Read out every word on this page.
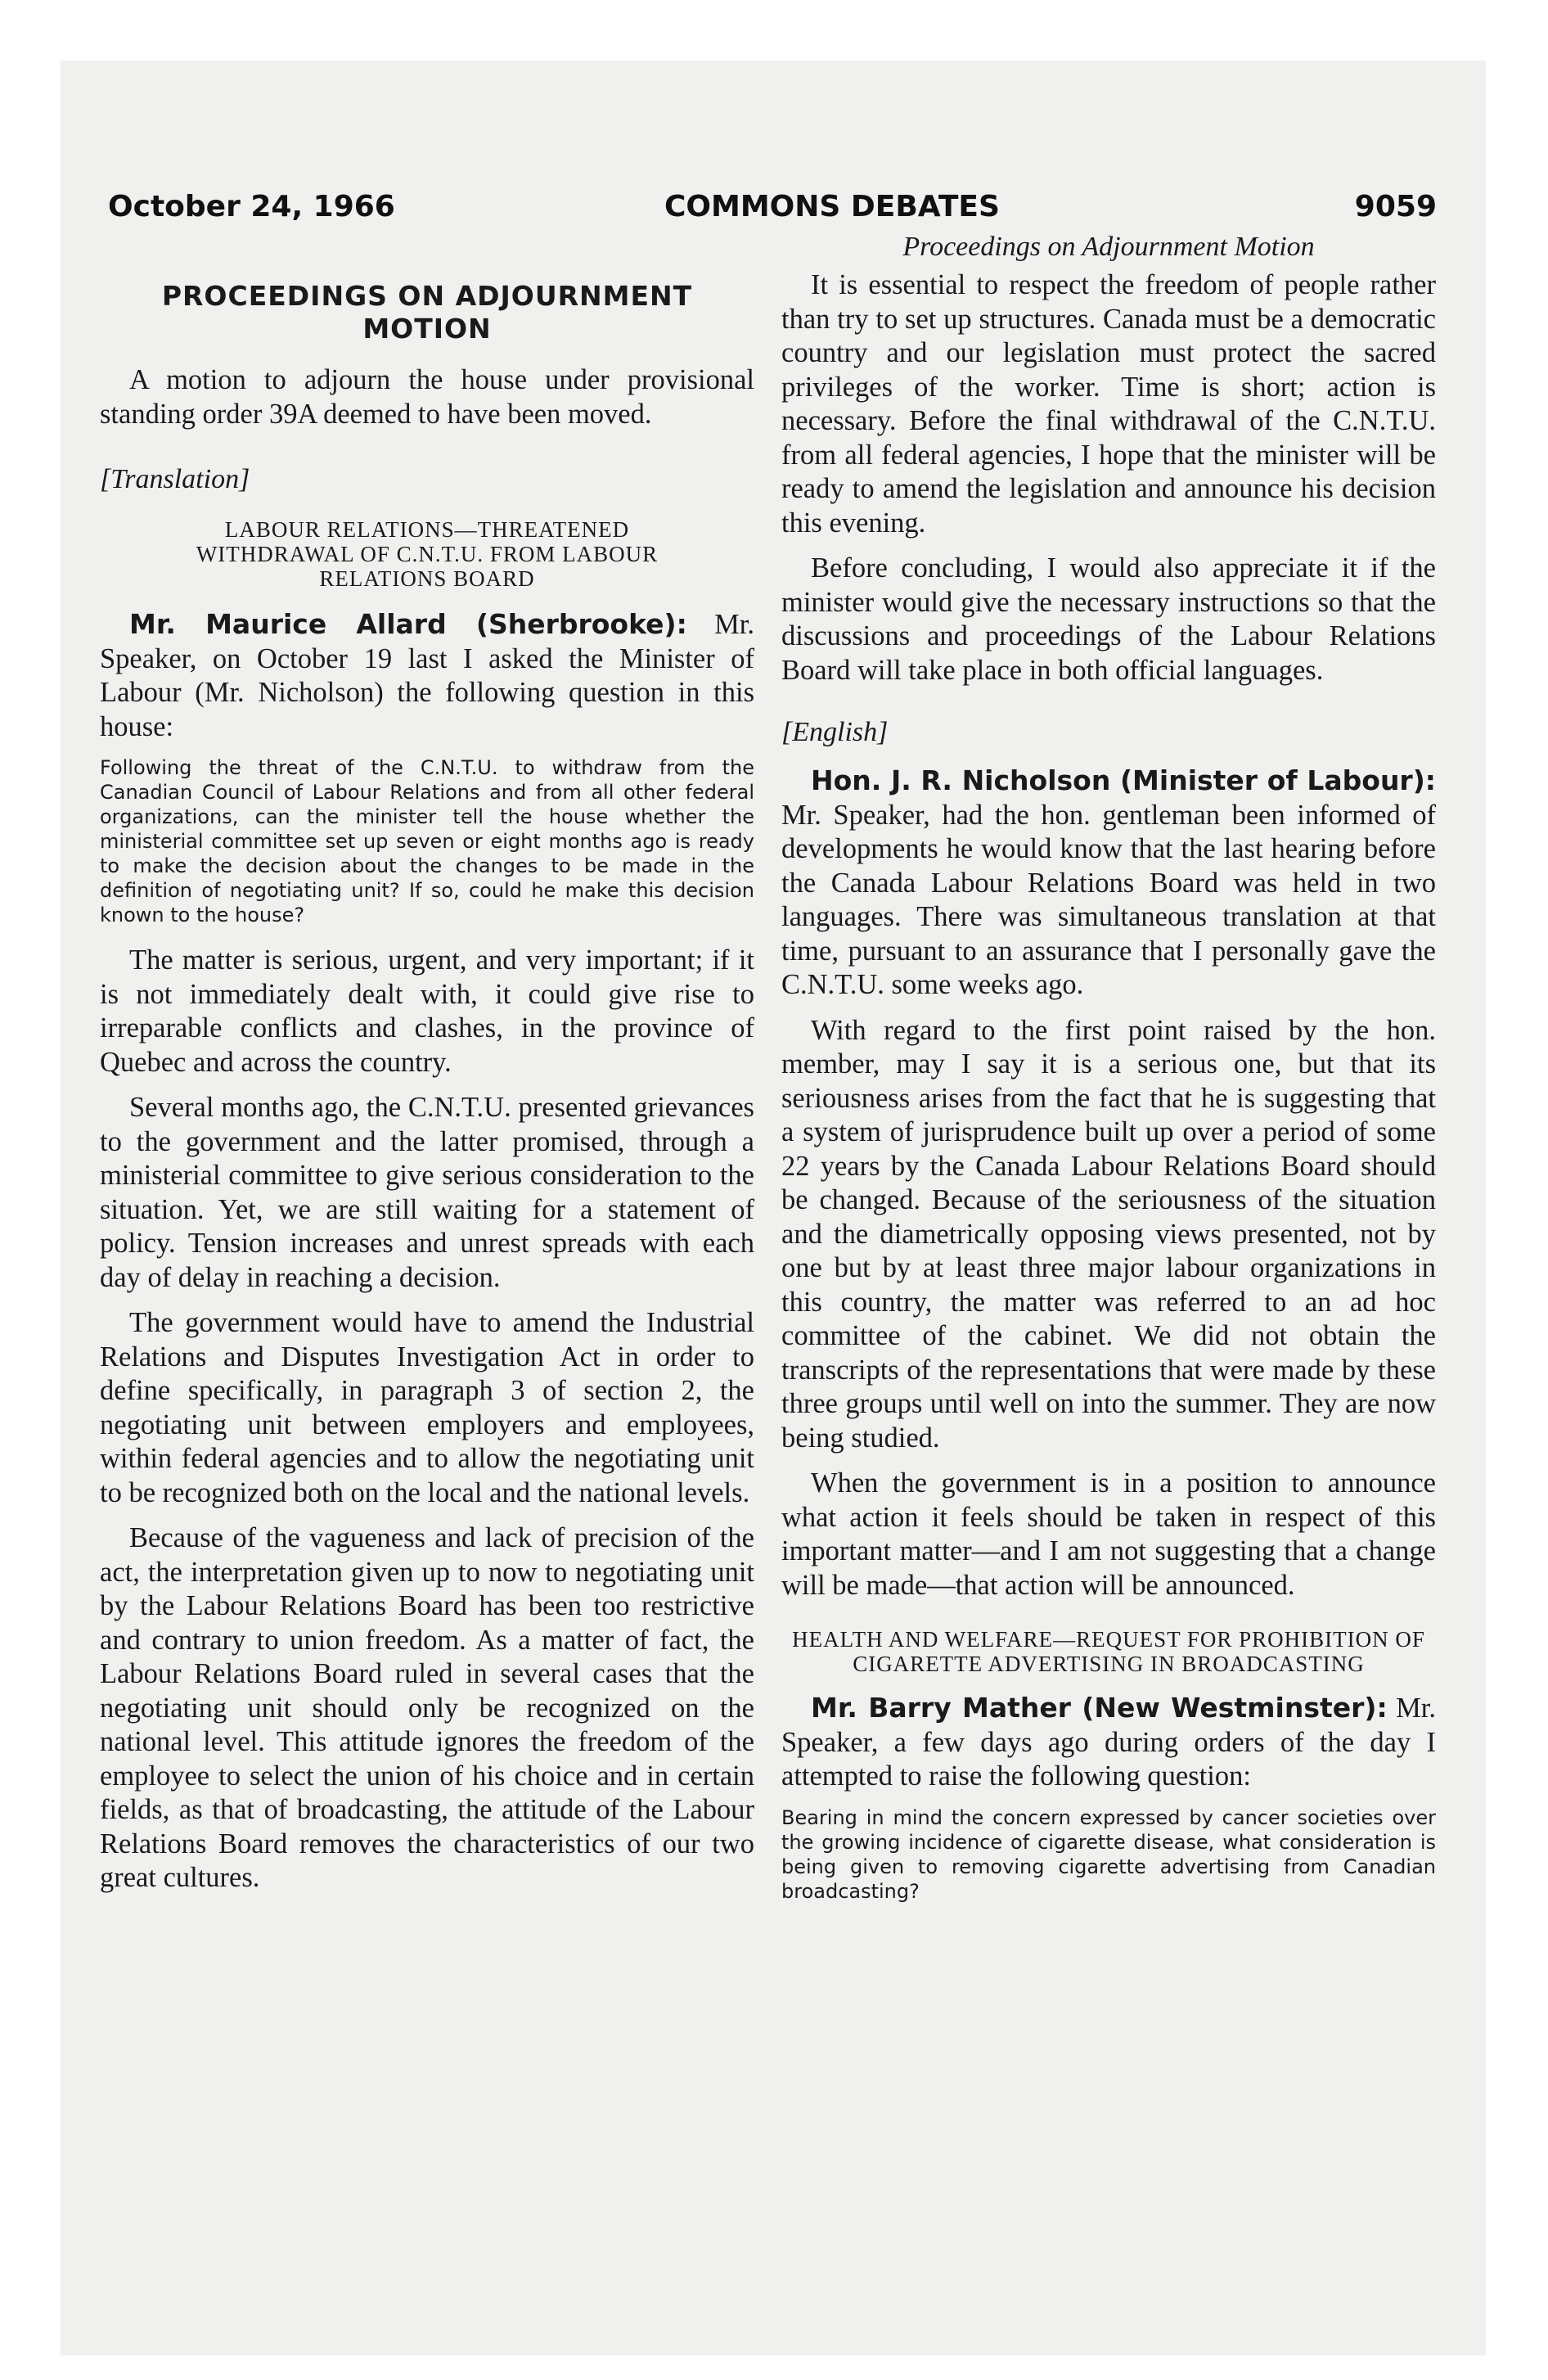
October 24, 1966	COMMONS DEBATES	9059
PROCEEDINGS ON ADJOURNMENT MOTION

A motion to adjourn the house under provisional standing order 39A deemed to have been moved.

[Translation]

LABOUR RELATIONS—THREATENED WITHDRAWAL OF C.N.T.U. FROM LABOUR RELATIONS BOARD

Mr. Maurice Allard (Sherbrooke): Mr. Speaker, on October 19 last I asked the Minister of Labour (Mr. Nicholson) the following question in this house:

Following the threat of the C.N.T.U. to withdraw from the Canadian Council of Labour Relations and from all other federal organizations, can the minister tell the house whether the ministerial committee set up seven or eight months ago is ready to make the decision about the changes to be made in the definition of negotiating unit? If so, could he make this decision known to the house?

The matter is serious, urgent, and very important; if it is not immediately dealt with, it could give rise to irreparable conflicts and clashes, in the province of Quebec and across the country.

Several months ago, the C.N.T.U. presented grievances to the government and the latter promised, through a ministerial committee to give serious consideration to the situation. Yet, we are still waiting for a statement of policy. Tension increases and unrest spreads with each day of delay in reaching a decision.

The government would have to amend the Industrial Relations and Disputes Investigation Act in order to define specifically, in paragraph 3 of section 2, the negotiating unit between employers and employees, within federal agencies and to allow the negotiating unit to be recognized both on the local and the national levels.

Because of the vagueness and lack of precision of the act, the interpretation given up to now to negotiating unit by the Labour Relations Board has been too restrictive and contrary to union freedom. As a matter of fact, the Labour Relations Board ruled in several cases that the negotiating unit should only be recognized on the national level. This attitude ignores the freedom of the employee to select the union of his choice and in certain fields, as that of broadcasting, the attitude of the Labour Relations Board removes the characteristics of our two great cultures.

Proceedings on Adjournment Motion

It is essential to respect the freedom of people rather than try to set up structures. Canada must be a democratic country and our legislation must protect the sacred privileges of the worker. Time is short; action is necessary. Before the final withdrawal of the C.N.T.U. from all federal agencies, I hope that the minister will be ready to amend the legislation and announce his decision this evening.

Before concluding, I would also appreciate it if the minister would give the necessary instructions so that the discussions and proceedings of the Labour Relations Board will take place in both official languages.

[English]

Hon. J. R. Nicholson (Minister of Labour): Mr. Speaker, had the hon. gentleman been informed of developments he would know that the last hearing before the Canada Labour Relations Board was held in two languages. There was simultaneous translation at that time, pursuant to an assurance that I personally gave the C.N.T.U. some weeks ago.

With regard to the first point raised by the hon. member, may I say it is a serious one, but that its seriousness arises from the fact that he is suggesting that a system of jurisprudence built up over a period of some 22 years by the Canada Labour Relations Board should be changed. Because of the seriousness of the situation and the diametrically opposing views presented, not by one but by at least three major labour organizations in this country, the matter was referred to an ad hoc committee of the cabinet. We did not obtain the transcripts of the representations that were made by these three groups until well on into the summer. They are now being studied.

When the government is in a position to announce what action it feels should be taken in respect of this important matter—and I am not suggesting that a change will be made—that action will be announced.

HEALTH AND WELFARE—REQUEST FOR PROHIBITION OF CIGARETTE ADVERTISING IN BROADCASTING

Mr. Barry Mather (New Westminster): Mr. Speaker, a few days ago during orders of the day I attempted to raise the following question:

Bearing in mind the concern expressed by cancer societies over the growing incidence of cigarette disease, what consideration is being given to removing cigarette advertising from Canadian broadcasting?
